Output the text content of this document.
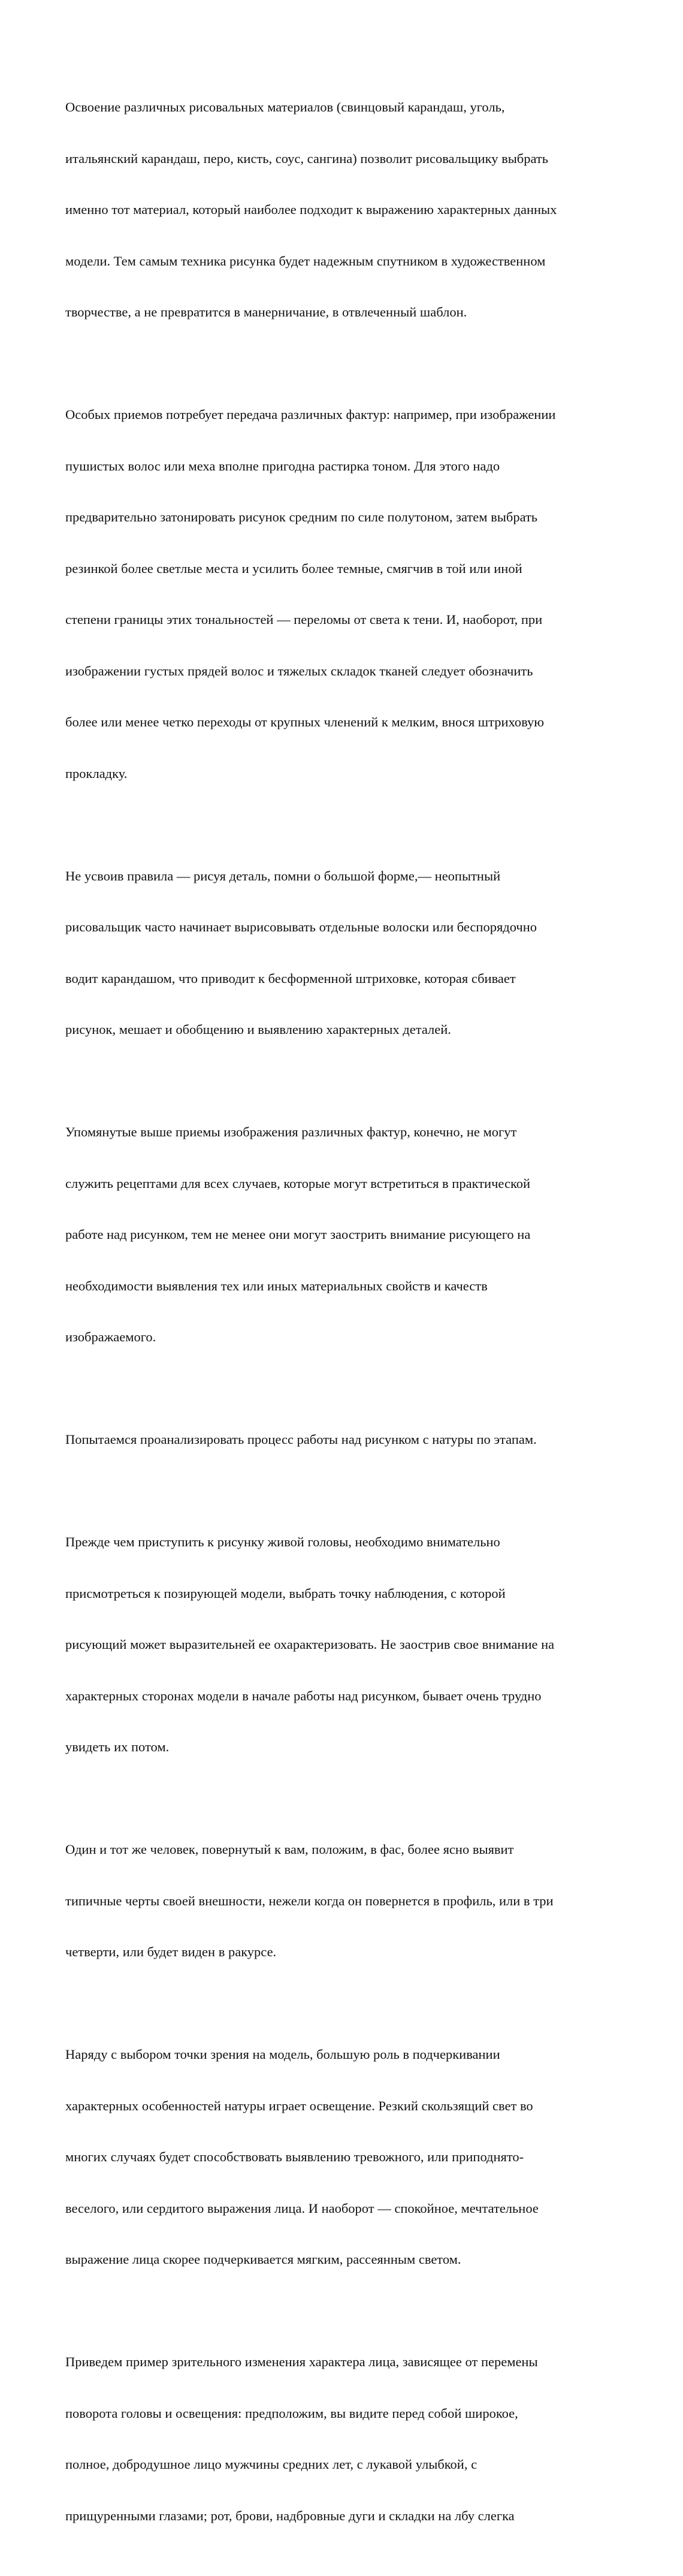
Освоение различных рисовальных материалов (свинцовый карандаш, уголь,

итальянский карандаш, перо, кисть, соус, сангина) позволит рисовальщику выбрать

именно тот материал, который наиболее подходит к выражению характерных данных

модели. Тем самым техника рисунка будет надежным спутником в художественном

творчестве, а не превратится в манерничание, в отвлеченный шаблон.

Особых приемов потребует передача различных фактур: например, при изображении

пушистых волос или меха вполне пригодна растирка тоном. Для этого надо

предварительно затонировать рисунок средним по силе полутоном, затем выбрать

резинкой более светлые места и усилить более темные, смягчив в той или иной

степени границы этих тональностей — переломы от света к тени. И, наоборот, при

изображении густых прядей волос и тяжелых складок тканей следует обозначить

более или менее четко переходы от крупных членений к мелким, внося штриховую

прокладку.

Не усвоив правила — рисуя деталь, помни о большой форме,— неопытный

рисовальщик часто начинает вырисовывать отдельные волоски или беспорядочно

водит карандашом, что приводит к бесформенной штриховке, которая сбивает

рисунок, мешает и обобщению и выявлению характерных деталей.

Упомянутые выше приемы изображения различных фактур, конечно, не могут

служить рецептами для всех случаев, которые могут встретиться в практической

работе над рисунком, тем не менее они могут заострить внимание рисующего на

необходимости выявления тех или иных материальных свойств и качеств

изображаемого.

Попытаемся проанализировать процесс работы над рисунком с натуры по этапам.

Прежде чем приступить к рисунку живой головы, необходимо внимательно

присмотреться к позирующей модели, выбрать точку наблюдения, с которой

рисующий может выразительней ее охарактеризовать. Не заострив свое внимание на

характерных сторонах модели в начале работы над рисунком, бывает очень трудно

увидеть их потом.

Один и тот же человек, повернутый к вам, положим, в фас, более ясно выявит

типичные черты своей внешности, нежели когда он повернется в профиль, или в три

четверти, или будет виден в ракурсе.

Наряду с выбором точки зрения на модель, большую роль в подчеркивании

характерных особенностей натуры играет освещение. Резкий скользящий свет во

многих случаях будет способствовать выявлению тревожного, или приподнято-

веселого, или сердитого выражения лица. И наоборот — спокойное, мечтательное

выражение лица скорее подчеркивается мягким, рассеянным светом.

Приведем пример зрительного изменения характера лица, зависящее от перемены

поворота головы и освещения: предположим, вы видите перед собой широкое,

полное, добродушное лицо мужчины средних лет, с лукавой улыбкой, с

прищуренными глазами; рот, брови, надбровные дуги и складки на лбу слегка
